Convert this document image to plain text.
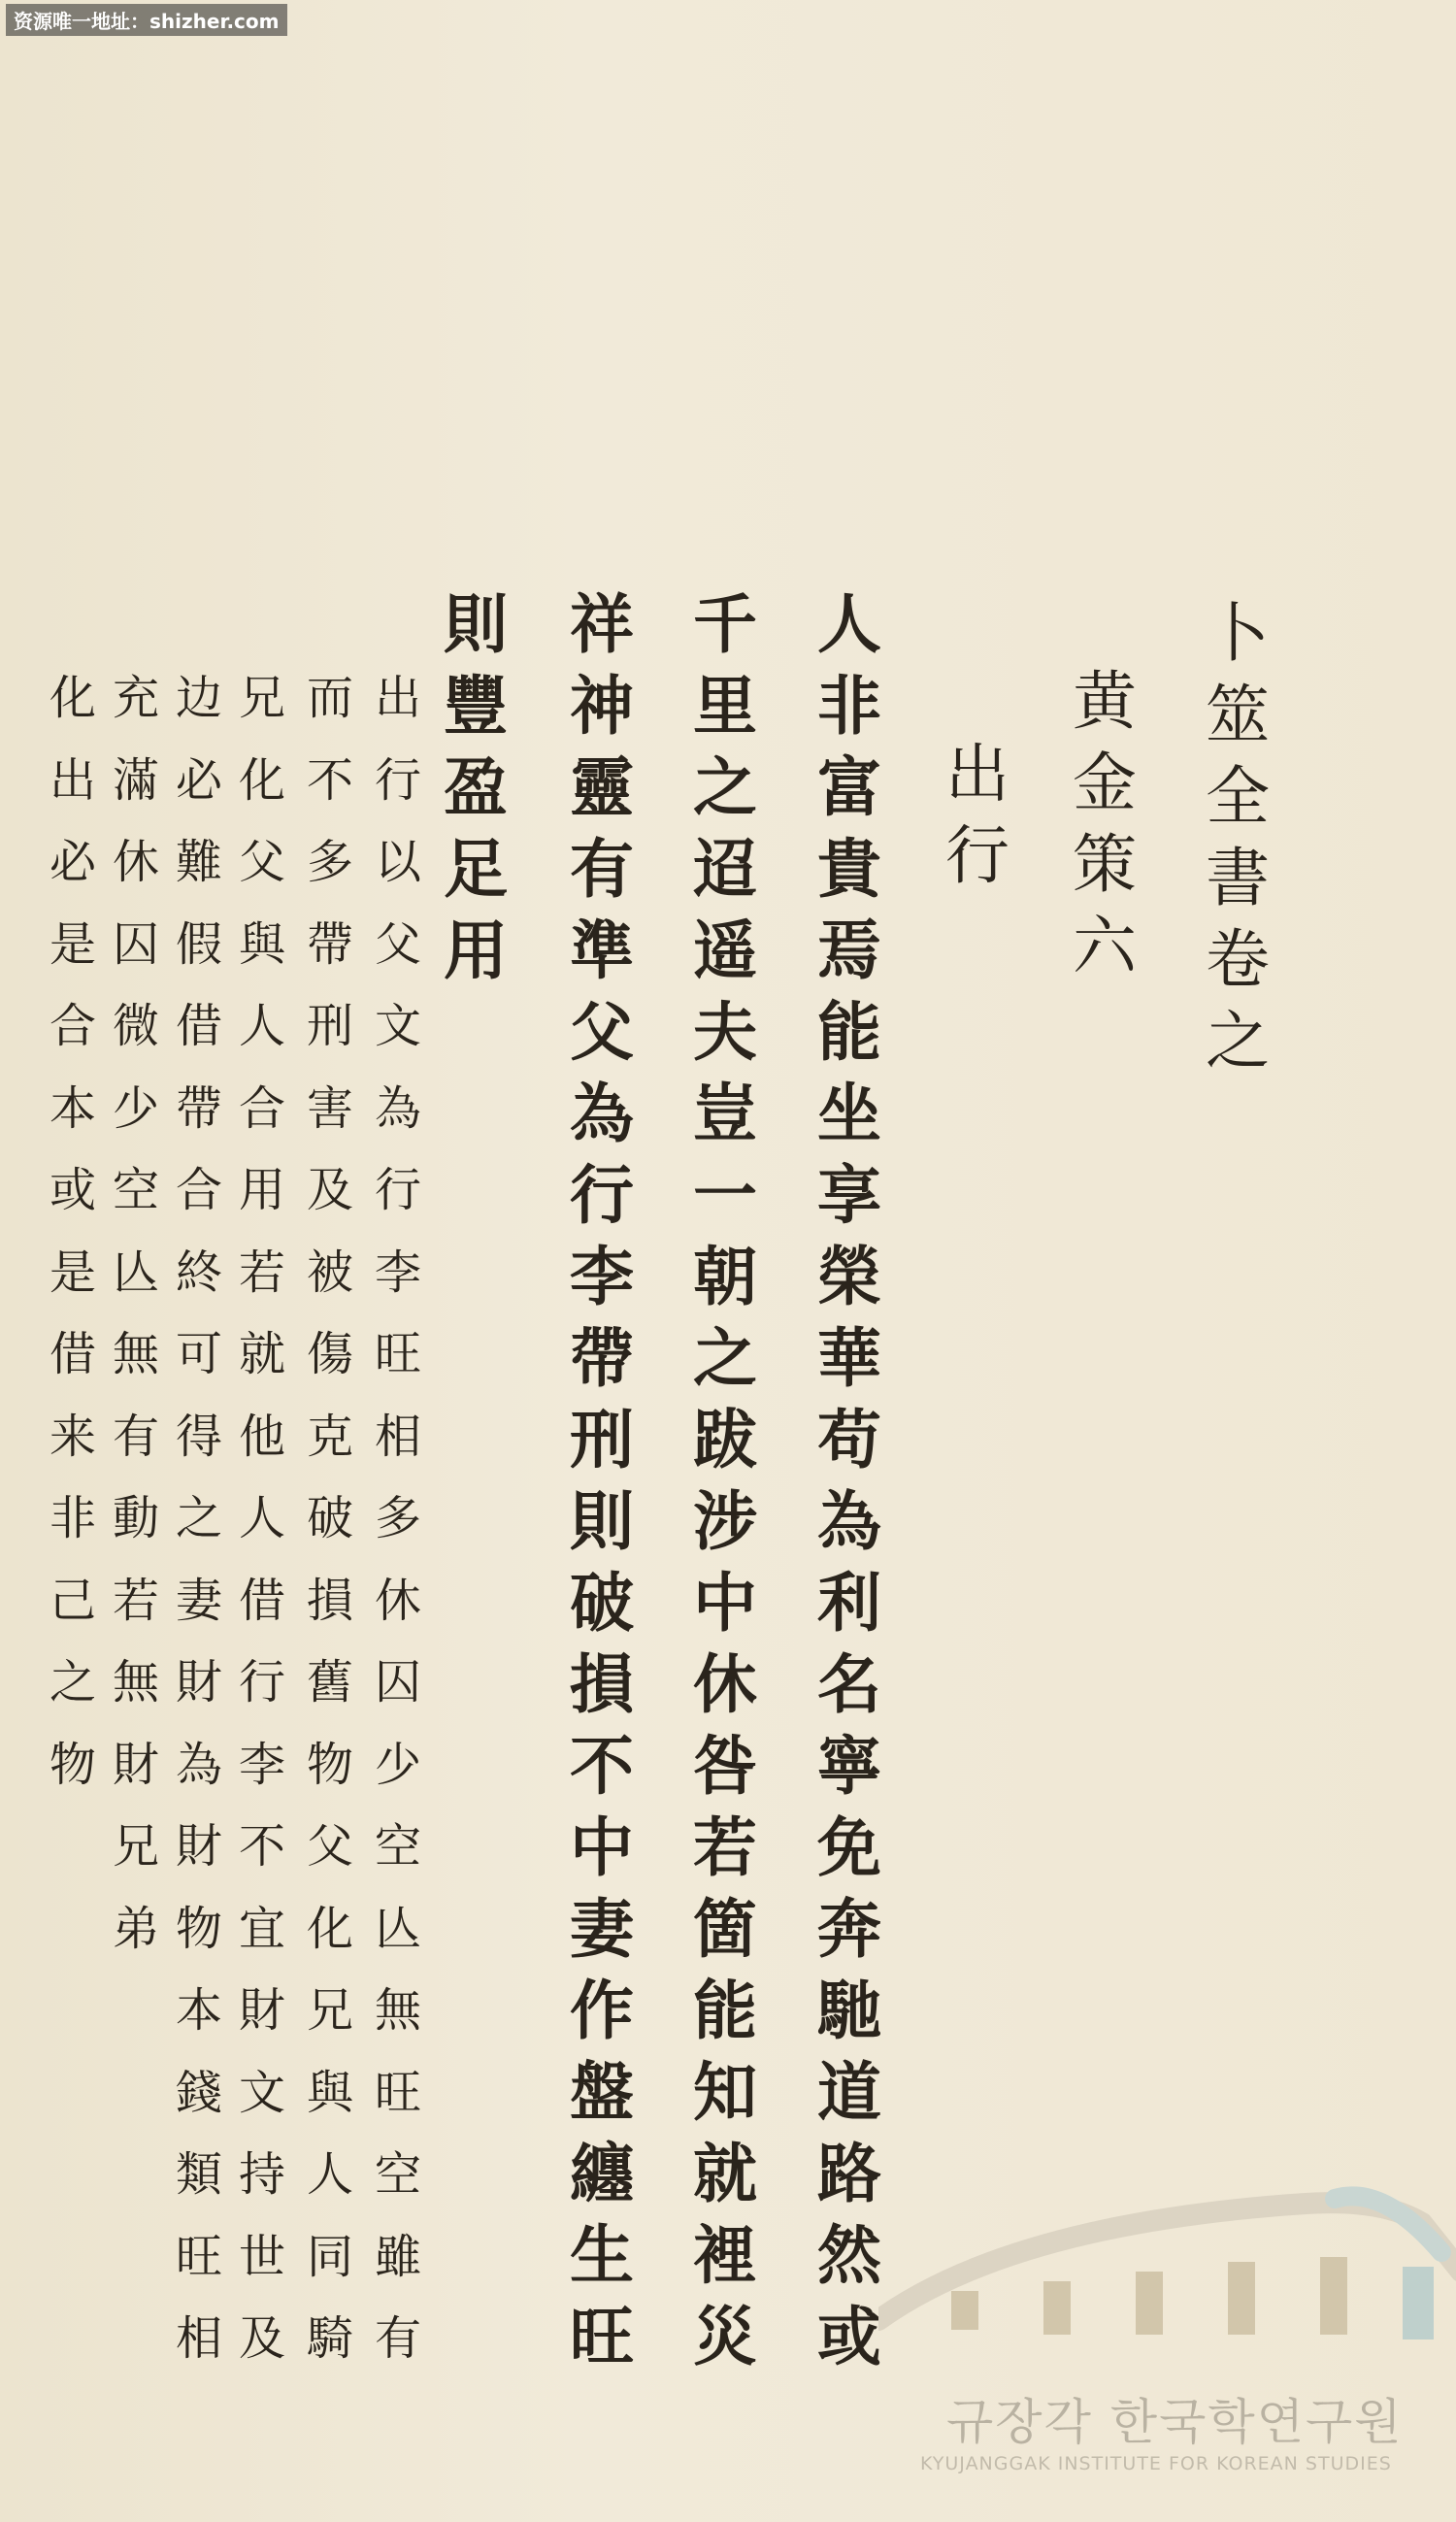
资源唯一地址：shizher.com
卜
筮
全
書
卷
之
黄
金
策
六
出
行
人
非
富
貴
焉
能
坐
享
榮
華
苟
為
利
名
寧
免
奔
馳
道
路
然
或
千
里
之
迢
遥
夫
豈
一
朝
之
跋
涉
中
休
咎
若
箇
能
知
就
裡
災
祥
神
靈
有
準
父
為
行
李
帶
刑
則
破
損
不
中
妻
作
盤
纏
生
旺
則
豐
盈
足
用
出
行
以
父
文
為
行
李
旺
相
多
休
囚
少
空
亾
無
旺
空
雖
有
而
不
多
帶
刑
害
及
被
傷
克
破
損
舊
物
父
化
兄
與
人
同
騎
兄
化
父
與
人
合
用
若
就
他
人
借
行
李
不
宜
財
文
持
世
及
边
必
難
假
借
帶
合
終
可
得
之
妻
財
為
財
物
本
錢
類
旺
相
充
滿
休
囚
微
少
空
亾
無
有
動
若
無
財
兄
弟
化
出
必
是
合
本
或
是
借
来
非
己
之
物
규장각 한국학연구원
KYUJANGGAK INSTITUTE FOR KOREAN STUDIES
